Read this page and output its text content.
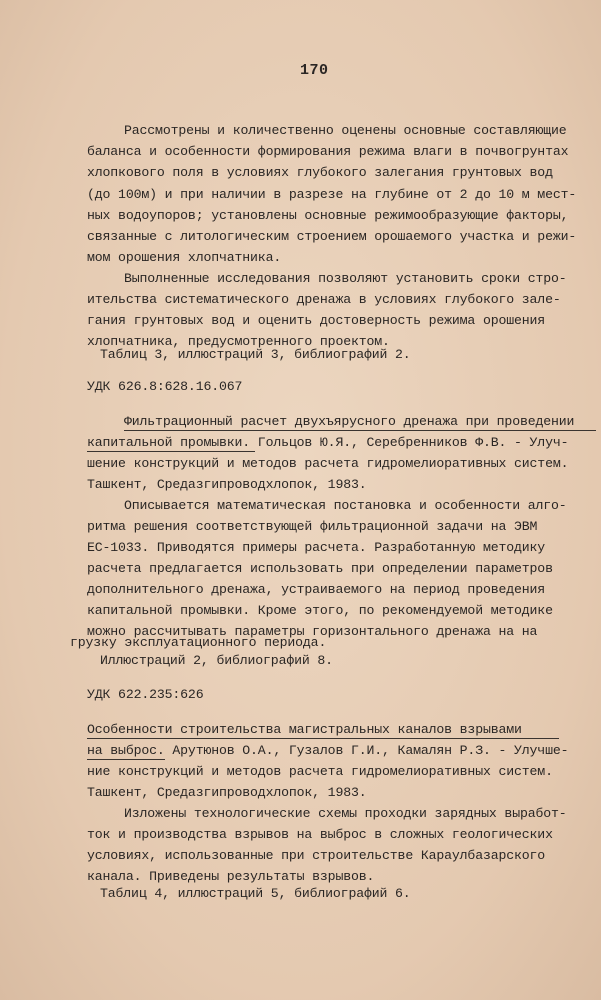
170
Рассмотрены и количественно оценены основные составляющие
баланса и особенности формирования режима влаги в почвогрунтах
хлопкового поля в условиях глубокого залегания грунтовых вод
(до 100м) и при наличии в разрезе на глубине от 2 до 10 м мест-
ных водоупоров; установлены основные режимообразующие факторы,
связанные с литологическим строением орошаемого участка и режи-
мом орошения хлопчатника.
Выполненные исследования позволяют установить сроки стро-
ительства систематического дренажа в условиях глубокого зале-
гания грунтовых вод и оценить достоверность режима орошения
хлопчатника, предусмотренного проектом.
Таблиц 3, иллюстраций 3, библиографий 2.
УДК 626.8:628.16.067
Фильтрационный расчет двухъярусного дренажа при проведении
капитальной промывки. Гольцов Ю.Я., Серебренников Ф.В. - Улуч-
шение конструкций и методов расчета гидромелиоративных систем.
Ташкент, Средазгипроводхлопок, 1983.
Описывается математическая постановка и особенности алго-
ритма решения соответствующей фильтрационной задачи на ЭВМ
ЕС-1033. Приводятся примеры расчета. Разработанную методику
расчета предлагается использовать при определении параметров
дополнительного дренажа, устраиваемого на период проведения
капитальной промывки. Кроме этого, по рекомендуемой методике
можно рассчитывать параметры горизонтального дренажа на на
грузку эксплуатационного периода.
Иллюстраций 2, библиографий 8.
УДК 622.235:626
Особенности строительства магистральных каналов взрывами
на выброс. Арутюнов О.А., Гузалов Г.И., Камалян Р.З. - Улучше-
ние конструкций и методов расчета гидромелиоративных систем.
Ташкент, Средазгипроводхлопок, 1983.
Изложены технологические схемы проходки зарядных выработ-
ток и производства взрывов на выброс в сложных геологических
условиях, использованные при строительстве Караулбазарского
канала. Приведены результаты взрывов.
Таблиц 4, иллюстраций 5, библиографий 6.
